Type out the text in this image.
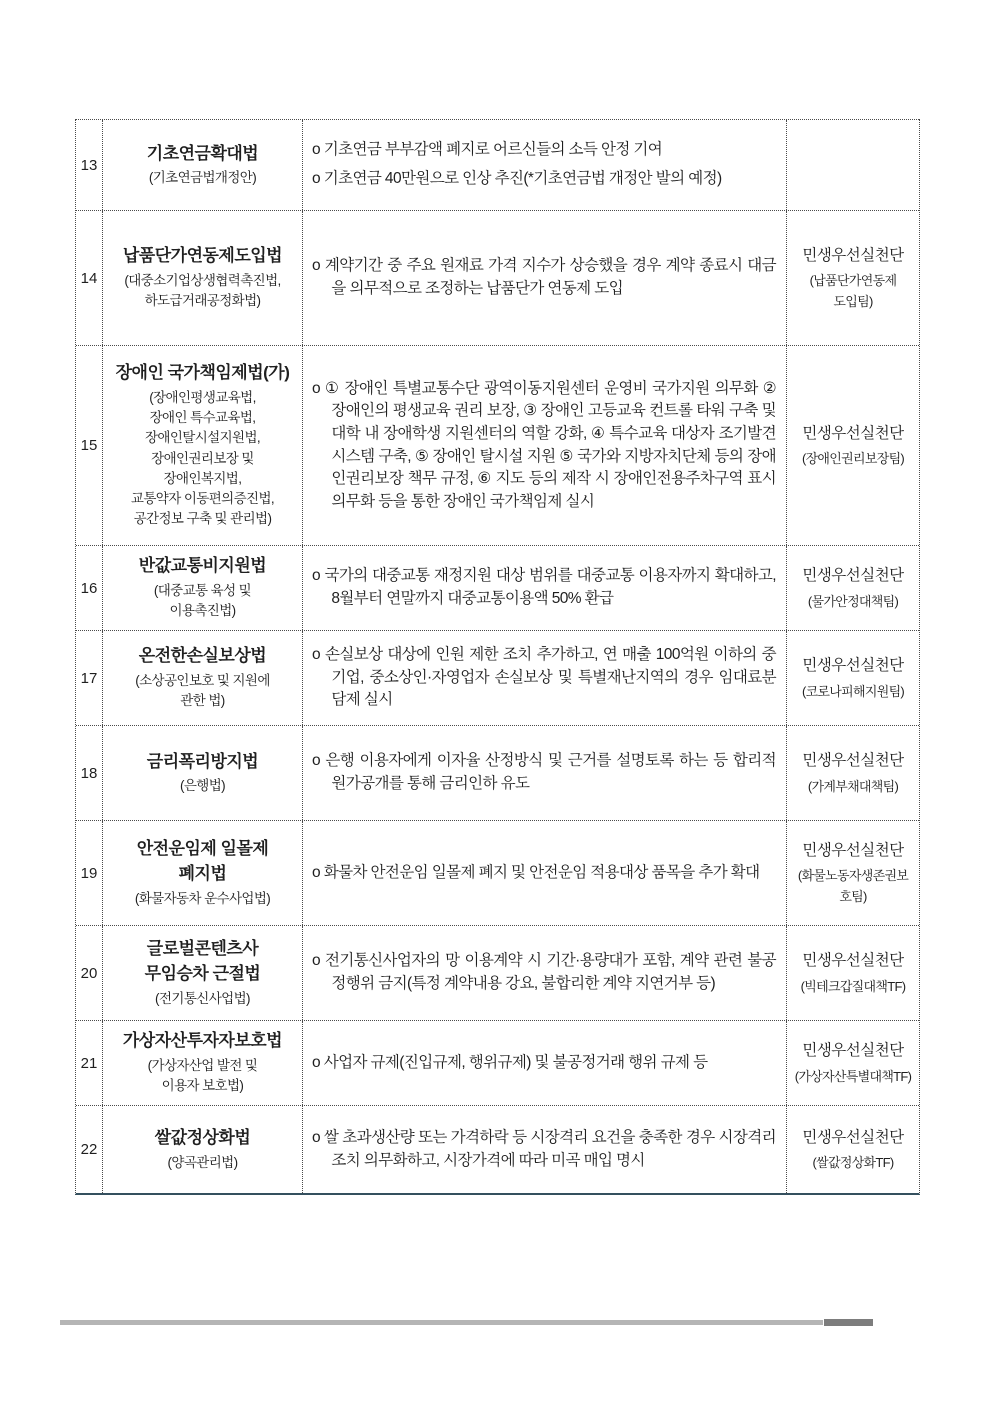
13
기초연금확대법
(기초연금법개정안)

o 기초연금 부부감액 폐지로 어르신들의 소득 안정 기여

o 기초연금 40만원으로 인상 추진(*기초연금법 개정안 발의 예정)

14
납품단가연동제도입법
(대중소기업상생협력촉진법,
하도급거래공정화법)

o 계약기간 중 주요 원재료 가격 지수가 상승했을 경우 계약 종료시 대금을 의무적으로 조정하는 납품단가 연동제 도입

민생우선실천단
(납품단가연동제
도입팀)
15
장애인 국가책임제법(가)
(장애인평생교육법,
장애인 특수교육법,
장애인탈시설지원법,
장애인권리보장 및
장애인복지법,
교통약자 이동편의증진법,
공간정보 구축 및 관리법)

o ① 장애인 특별교통수단 광역이동지원센터 운영비 국가지원 의무화 ② 장애인의 평생교육 권리 보장, ③ 장애인 고등교육 컨트롤 타워 구축 및 대학 내 장애학생 지원센터의 역할 강화, ④ 특수교육 대상자 조기발견시스템 구축, ⑤ 장애인 탈시설 지원 ⑤ 국가와 지방자치단체 등의 장애인권리보장 책무 규정, ⑥ 지도 등의 제작 시 장애인전용주차구역 표시 의무화 등을 통한 장애인 국가책임제 실시

민생우선실천단
(장애인권리보장팀)
16
반값교통비지원법
(대중교통 육성 및
이용촉진법)

o 국가의 대중교통 재정지원 대상 범위를 대중교통 이용자까지 확대하고, 8월부터 연말까지 대중교통이용액 50% 환급

민생우선실천단
(물가안정대책팀)
17
온전한손실보상법
(소상공인보호 및 지원에
관한 법)

o 손실보상 대상에 인원 제한 조치 추가하고, 연 매출 100억원 이하의 중기업, 중소상인·자영업자 손실보상 및 특별재난지역의 경우 임대료분담제 실시

민생우선실천단
(코로나피해지원팀)
18
금리폭리방지법
(은행법)

o 은행 이용자에게 이자율 산정방식 및 근거를 설명토록 하는 등 합리적 원가공개를 통해 금리인하 유도

민생우선실천단
(가계부채대책팀)
19
안전운임제 일몰제
폐지법
(화물자동차 운수사업법)

o 화물차 안전운임 일몰제 폐지 및 안전운임 적용대상 품목을 추가 확대

민생우선실천단
(화물노동자생존권보
호팀)
20
글로벌콘텐츠사
무임승차 근절법
(전기통신사업법)

o 전기통신사업자의 망 이용계약 시 기간·용량대가 포함, 계약 관련 불공정행위 금지(특정 계약내용 강요, 불합리한 계약 지연거부 등)

민생우선실천단
(빅테크갑질대책TF)
21
가상자산투자자보호법
(가상자산업 발전 및
이용자 보호법)

o 사업자 규제(진입규제, 행위규제) 및 불공정거래 행위 규제 등

민생우선실천단
(가상자산특별대책TF)
22
쌀값정상화법
(양곡관리법)

o 쌀 초과생산량 또는 가격하락 등 시장격리 요건을 충족한 경우 시장격리 조치 의무화하고, 시장가격에 따라 미곡 매입 명시

민생우선실천단
(쌀값정상화TF)
